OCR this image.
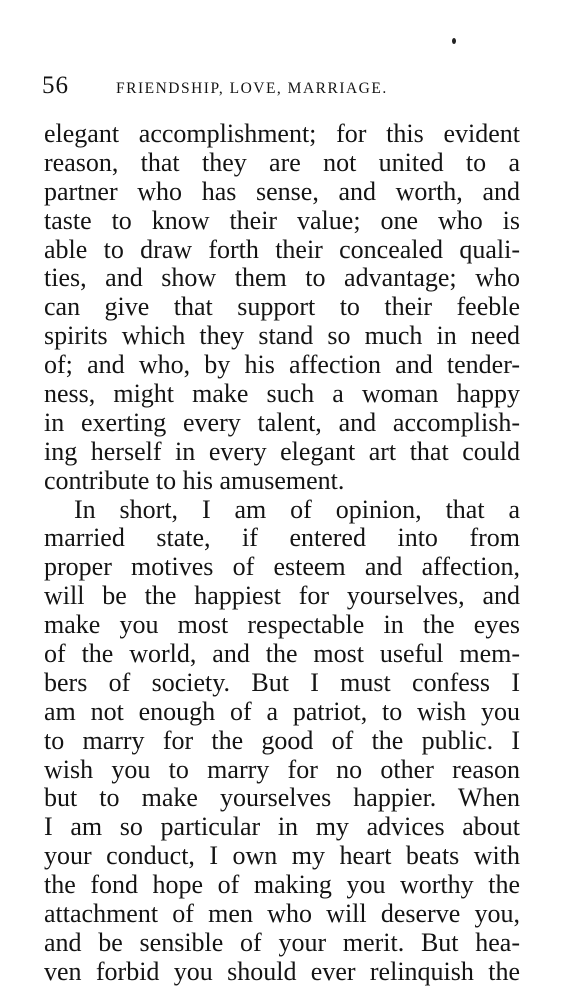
56	FRIENDSHIP, LOVE, MARRIAGE.
elegant accomplishment; for this evident
reason, that they are not united to a
partner who has sense, and worth, and
taste to know their value; one who is
able to draw forth their concealed quali-
ties, and show them to advantage; who
can give that support to their feeble
spirits which they stand so much in need
of; and who, by his affection and tender-
ness, might make such a woman happy
in exerting every talent, and accomplish-
ing herself in every elegant art that could
contribute to his amusement.
In short, I am of opinion, that a
married state, if entered into from
proper motives of esteem and affection,
will be the happiest for yourselves, and
make you most respectable in the eyes
of the world, and the most useful mem-
bers of society. But I must confess I
am not enough of a patriot, to wish you
to marry for the good of the public. I
wish you to marry for no other reason
but to make yourselves happier. When
I am so particular in my advices about
your conduct, I own my heart beats with
the fond hope of making you worthy the
attachment of men who will deserve you,
and be sensible of your merit. But hea-
ven forbid you should ever relinquish the
